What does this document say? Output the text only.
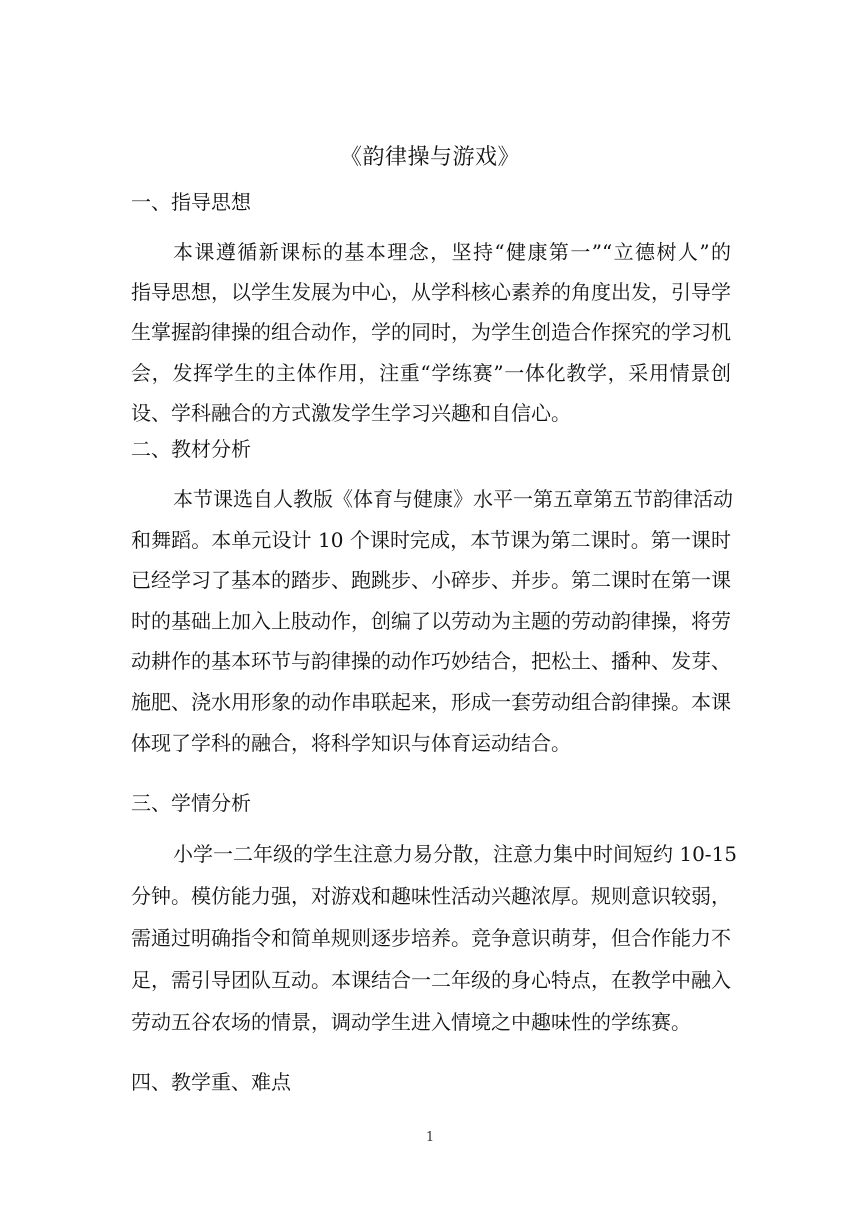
《韵律操与游戏》
一、指导思想
本课遵循新课标的基本理念，坚持“健康第一”“立德树人”的
指导思想，以学生发展为中心，从学科核心素养的角度出发，引导学
生掌握韵律操的组合动作，学的同时，为学生创造合作探究的学习机
会，发挥学生的主体作用，注重“学练赛”一体化教学，采用情景创
设、学科融合的方式激发学生学习兴趣和自信心。
二、教材分析
本节课选自人教版《体育与健康》水平一第五章第五节韵律活动
和舞蹈。本单元设计 10 个课时完成，本节课为第二课时。第一课时
已经学习了基本的踏步、跑跳步、小碎步、并步。第二课时在第一课
时的基础上加入上肢动作，创编了以劳动为主题的劳动韵律操，将劳
动耕作的基本环节与韵律操的动作巧妙结合，把松土、播种、发芽、
施肥、浇水用形象的动作串联起来，形成一套劳动组合韵律操。本课
体现了学科的融合，将科学知识与体育运动结合。
三、学情分析
小学一二年级的学生注意力易分散，注意力集中时间短约 10-15
分钟。模仿能力强，对游戏和趣味性活动兴趣浓厚。规则意识较弱，
需通过明确指令和简单规则逐步培养。竞争意识萌芽，但合作能力不
足，需引导团队互动。本课结合一二年级的身心特点，在教学中融入
劳动五谷农场的情景，调动学生进入情境之中趣味性的学练赛。
四、教学重、难点
1
